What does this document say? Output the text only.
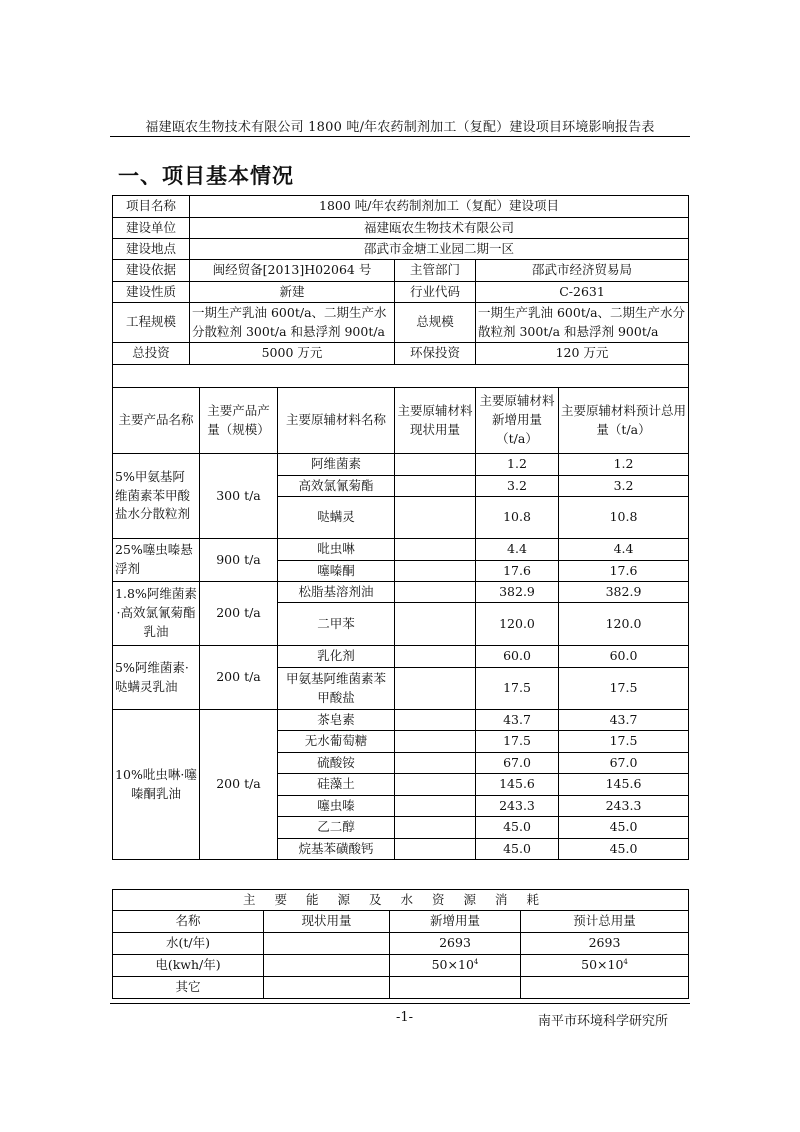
福建瓯农生物技术有限公司 1800 吨/年农药制剂加工（复配）建设项目环境影响报告表
一、项目基本情况
项目名称	1800 吨/年农药制剂加工（复配）建设项目					
建设单位	福建瓯农生物技术有限公司					
建设地点	邵武市金塘工业园二期一区					
建设依据	闽经贸备[2013]H02064 号			主管部门	邵武市经济贸易局	
建设性质	新建			行业代码	C-2631	
工程规模	一期生产乳油 600t/a、二期生产水分散粒剂 300t/a 和悬浮剂 900t/a			总规模	一期生产乳油 600t/a、二期生产水分散粒剂 300t/a 和悬浮剂 900t/a	
总投资	5000 万元			环保投资	120 万元	

主要产品名称		主要产品产量（规模）	主要原辅材料名称	主要原辅材料现状用量	主要原辅材料新增用量（t/a）	主要原辅材料预计总用量（t/a）
5%甲氨基阿维菌素苯甲酸盐水分散粒剂		300 t/a	阿维菌素		1.2	1.2
			高效氯氰菊酯		3.2	3.2
			哒螨灵		10.8	10.8
25%噻虫嗪悬浮剂		900 t/a	吡虫啉		4.4	4.4
			噻嗪酮		17.6	17.6
1.8%阿维菌素·高效氯氰菊酯乳油		200 t/a	松脂基溶剂油		382.9	382.9
			二甲苯		120.0	120.0
5%阿维菌素·哒螨灵乳油		200 t/a	乳化剂		60.0	60.0
			甲氨基阿维菌素苯甲酸盐		17.5	17.5
10%吡虫啉·噻嗪酮乳油		200 t/a	茶皂素		43.7	43.7
			无水葡萄糖		17.5	17.5
			硫酸铵		67.0	67.0
			硅藻土		145.6	145.6
			噻虫嗪		243.3	243.3
			乙二醇		45.0	45.0
			烷基苯磺酸钙		45.0	45.0
主要能源及水资源消耗			
名称	现状用量	新增用量	预计总用量
水(t/年)		2693	2693
电(kwh/年)		$50\times 10^4$	$50\times 10^4$
其它			
-1-	南平市环境科学研究所
